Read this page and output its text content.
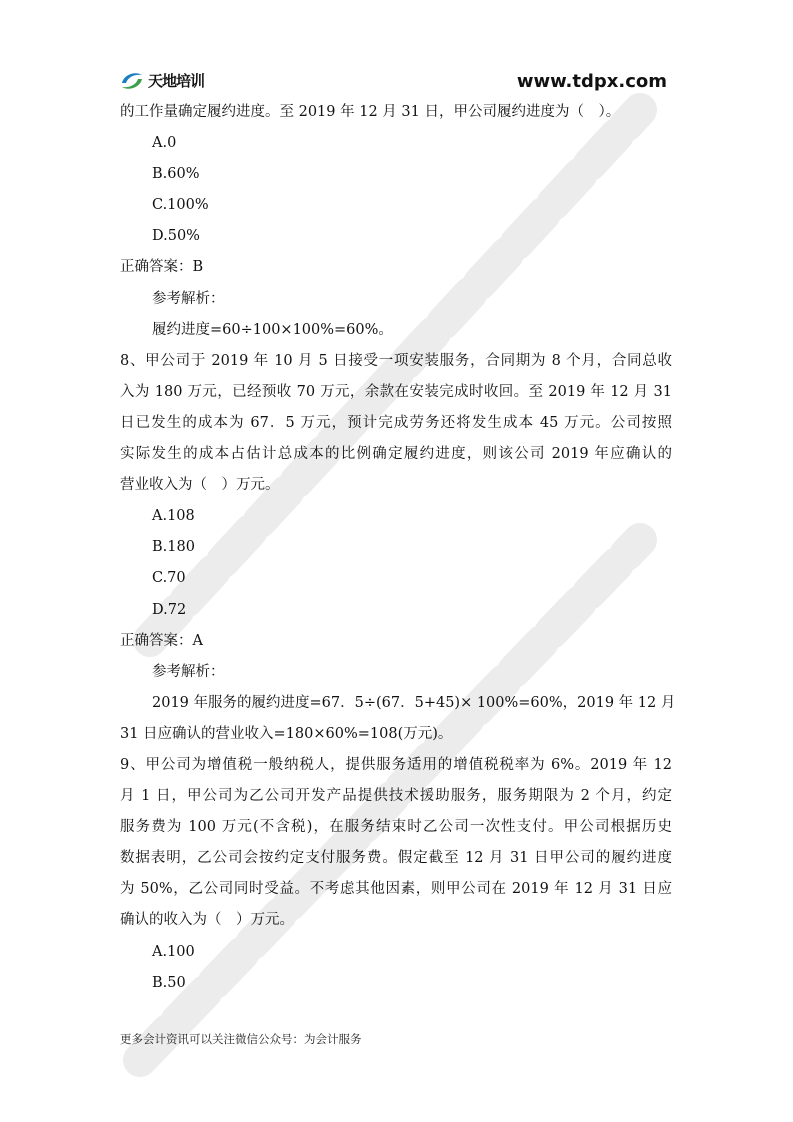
天地培训	www.tdpx.com
的工作量确定履约进度。至 2019 年 12 月 31 日，甲公司履约进度为（　）。
A.0
B.60%
C.100%
D.50%
正确答案：B
参考解析：
履约进度=60÷100×100%=60%。
8、甲公司于 2019 年 10 月 5 日接受一项安装服务，合同期为 8 个月，合同总收
入为 180 万元，已经预收 70 万元，余款在安装完成时收回。至 2019 年 12 月 31
日已发生的成本为 67．5 万元，预计完成劳务还将发生成本 45 万元。公司按照
实际发生的成本占估计总成本的比例确定履约进度，则该公司 2019 年应确认的
营业收入为（　）万元。
A.108
B.180
C.70
D.72
正确答案：A
参考解析：
2019 年服务的履约进度=67．5÷(67．5+45)× 100%=60%，2019 年 12 月
31 日应确认的营业收入=180×60%=108(万元)。
9、甲公司为增值税一般纳税人，提供服务适用的增值税税率为 6%。2019 年 12
月 1 日，甲公司为乙公司开发产品提供技术援助服务，服务期限为 2 个月，约定
服务费为 100 万元(不含税)，在服务结束时乙公司一次性支付。甲公司根据历史
数据表明，乙公司会按约定支付服务费。假定截至 12 月 31 日甲公司的履约进度
为 50%，乙公司同时受益。不考虑其他因素，则甲公司在 2019 年 12 月 31 日应
确认的收入为（　）万元。
A.100
B.50
更多会计资讯可以关注微信公众号：为会计服务
